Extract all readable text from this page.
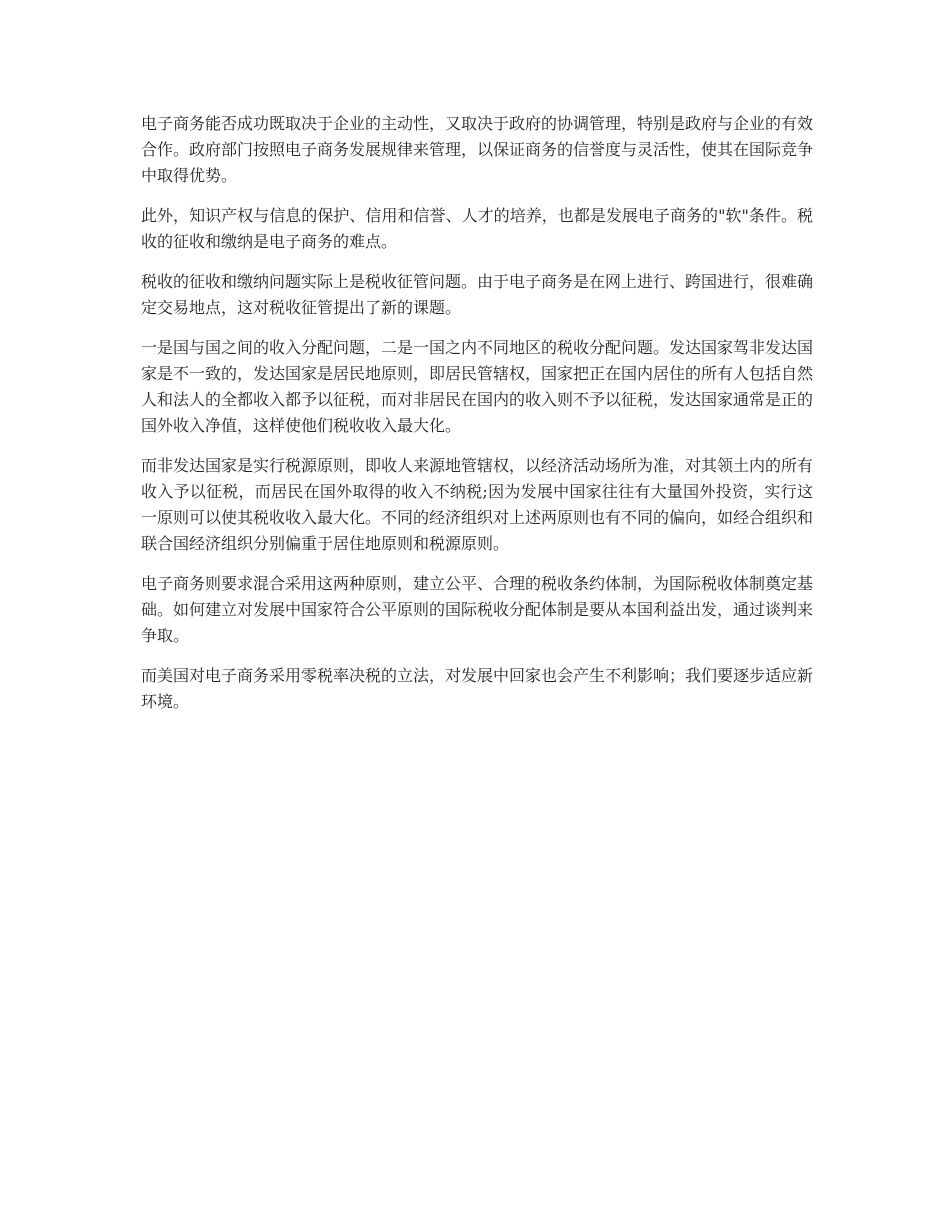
电子商务能否成功既取决于企业的主动性，又取决于政府的协调管理，特别是政府与企业的有效合作。政府部门按照电子商务发展规律来管理，以保证商务的信誉度与灵活性，使其在国际竞争中取得优势。

此外，知识产权与信息的保护、信用和信誉、人才的培养，也都是发展电子商务的"软"条件。税收的征收和缴纳是电子商务的难点。

税收的征收和缴纳问题实际上是税收征管问题。由于电子商务是在网上进行、跨国进行，很难确定交易地点，这对税收征管提出了新的课题。

一是国与国之间的收入分配问题，二是一国之内不同地区的税收分配问题。发达国家驾非发达国家是不一致的，发达国家是居民地原则，即居民管辖权，国家把正在国内居住的所有人包括自然人和法人的全都收入都予以征税，而对非居民在国内的收入则不予以征税，发达国家通常是正的国外收入净值，这样使他们税收收入最大化。

而非发达国家是实行税源原则，即收人来源地管辖权，以经济活动场所为准，对其领土内的所有收入予以征税，而居民在国外取得的收入不纳税;因为发展中国家往往有大量国外投资，实行这一原则可以使其税收收入最大化。不同的经济组织对上述两原则也有不同的偏向，如经合组织和联合国经济组织分别偏重于居住地原则和税源原则。

电子商务则要求混合采用这两种原则，建立公平、合理的税收条约体制，为国际税收体制奠定基础。如何建立对发展中国家符合公平原则的国际税收分配体制是要从本国利益出发，通过谈判来争取。

而美国对电子商务采用零税率决税的立法，对发展中回家也会产生不利影响；我们要逐步适应新环境。
